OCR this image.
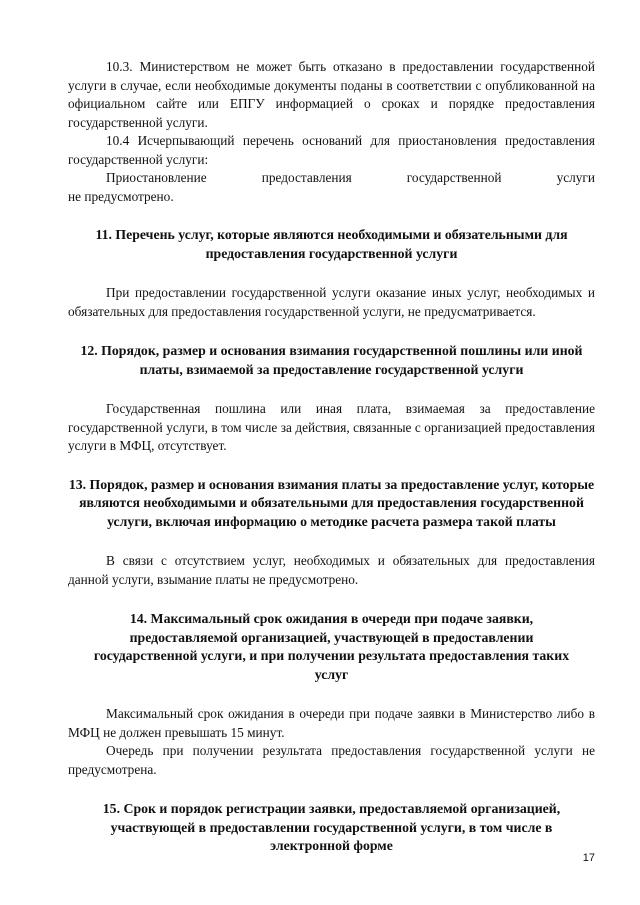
10.3. Министерством не может быть отказано в предоставлении государственной услуги в случае, если необходимые документы поданы в соответствии с опубликованной на официальном сайте или ЕПГУ информацией о сроках и порядке предоставления государственной услуги.

10.4 Исчерпывающий перечень оснований для приостановления предоставления государственной услуги:

Приостановление предоставления государственной услуги

не предусмотрено.

11. Перечень услуг, которые являются необходимыми и обязательными для предоставления государственной услуги

При предоставлении государственной услуги оказание иных услуг, необходимых и обязательных для предоставления государственной услуги, не предусматривается.

12. Порядок, размер и основания взимания государственной пошлины или иной платы, взимаемой за предоставление государственной услуги

Государственная пошлина или иная плата, взимаемая за предоставление государственной услуги, в том числе за действия, связанные с организацией предоставления услуги в МФЦ, отсутствует.

13. Порядок, размер и основания взимания платы за предоставление услуг, которые являются необходимыми и обязательными для предоставления государственной услуги, включая информацию о методике расчета размера такой платы

В связи с отсутствием услуг, необходимых и обязательных для предоставления данной услуги, взымание платы не предусмотрено.

14. Максимальный срок ожидания в очереди при подаче заявки, предоставляемой организацией, участвующей в предоставлении государственной услуги, и при получении результата предоставления таких услуг

Максимальный срок ожидания в очереди при подаче заявки в Министерство либо в МФЦ не должен превышать 15 минут.

Очередь при получении результата предоставления государственной услуги не предусмотрена.

15. Срок и порядок регистрации заявки, предоставляемой организацией, участвующей в предоставлении государственной услуги, в том числе в электронной форме
17
